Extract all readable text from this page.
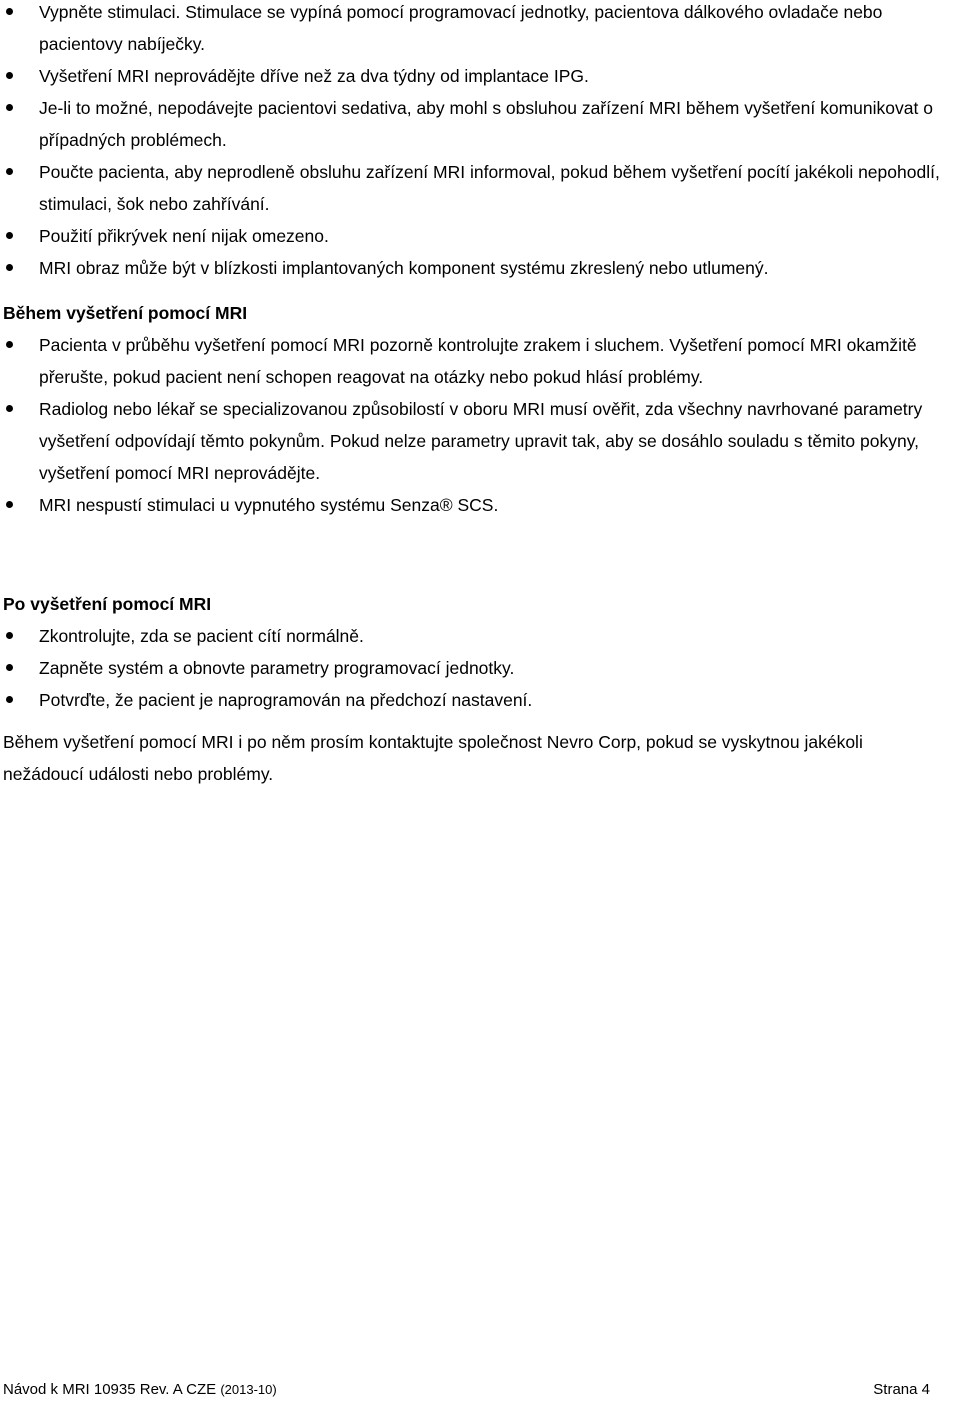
Vypněte stimulaci. Stimulace se vypíná pomocí programovací jednotky, pacientova dálkového ovladače nebo pacientovy nabíječky.
Vyšetření MRI neprovádějte dříve než za dva týdny od implantace IPG.
Je-li to možné, nepodávejte pacientovi sedativa, aby mohl s obsluhou zařízení MRI během vyšetření komunikovat o případných problémech.
Poučte pacienta, aby neprodleně obsluhu zařízení MRI informoval, pokud během vyšetření pocítí jakékoli nepohodlí, stimulaci, šok nebo zahřívání.
Použití přikrývek není nijak omezeno.
MRI obraz může být v blízkosti implantovaných komponent systému zkreslený nebo utlumený.

Během vyšetření pomocí MRI

Pacienta v průběhu vyšetření pomocí MRI pozorně kontrolujte zrakem i sluchem. Vyšetření pomocí MRI okamžitě přerušte, pokud pacient není schopen reagovat na otázky nebo pokud hlásí problémy.
Radiolog nebo lékař se specializovanou způsobilostí v oboru MRI musí ověřit, zda všechny navrhované parametry vyšetření odpovídají těmto pokynům. Pokud nelze parametry upravit tak, aby se dosáhlo souladu s těmito pokyny, vyšetření pomocí MRI neprovádějte.
MRI nespustí stimulaci u vypnutého systému Senza® SCS.

Po vyšetření pomocí MRI

Zkontrolujte, zda se pacient cítí normálně.
Zapněte systém a obnovte parametry programovací jednotky.
Potvrďte, že pacient je naprogramován na předchozí nastavení.

Během vyšetření pomocí MRI i po něm prosím kontaktujte společnost Nevro Corp, pokud se vyskytnou jakékoli nežádoucí události nebo problémy.

Návod k MRI 10935 Rev. A CZE (2013-10)	Strana 4
